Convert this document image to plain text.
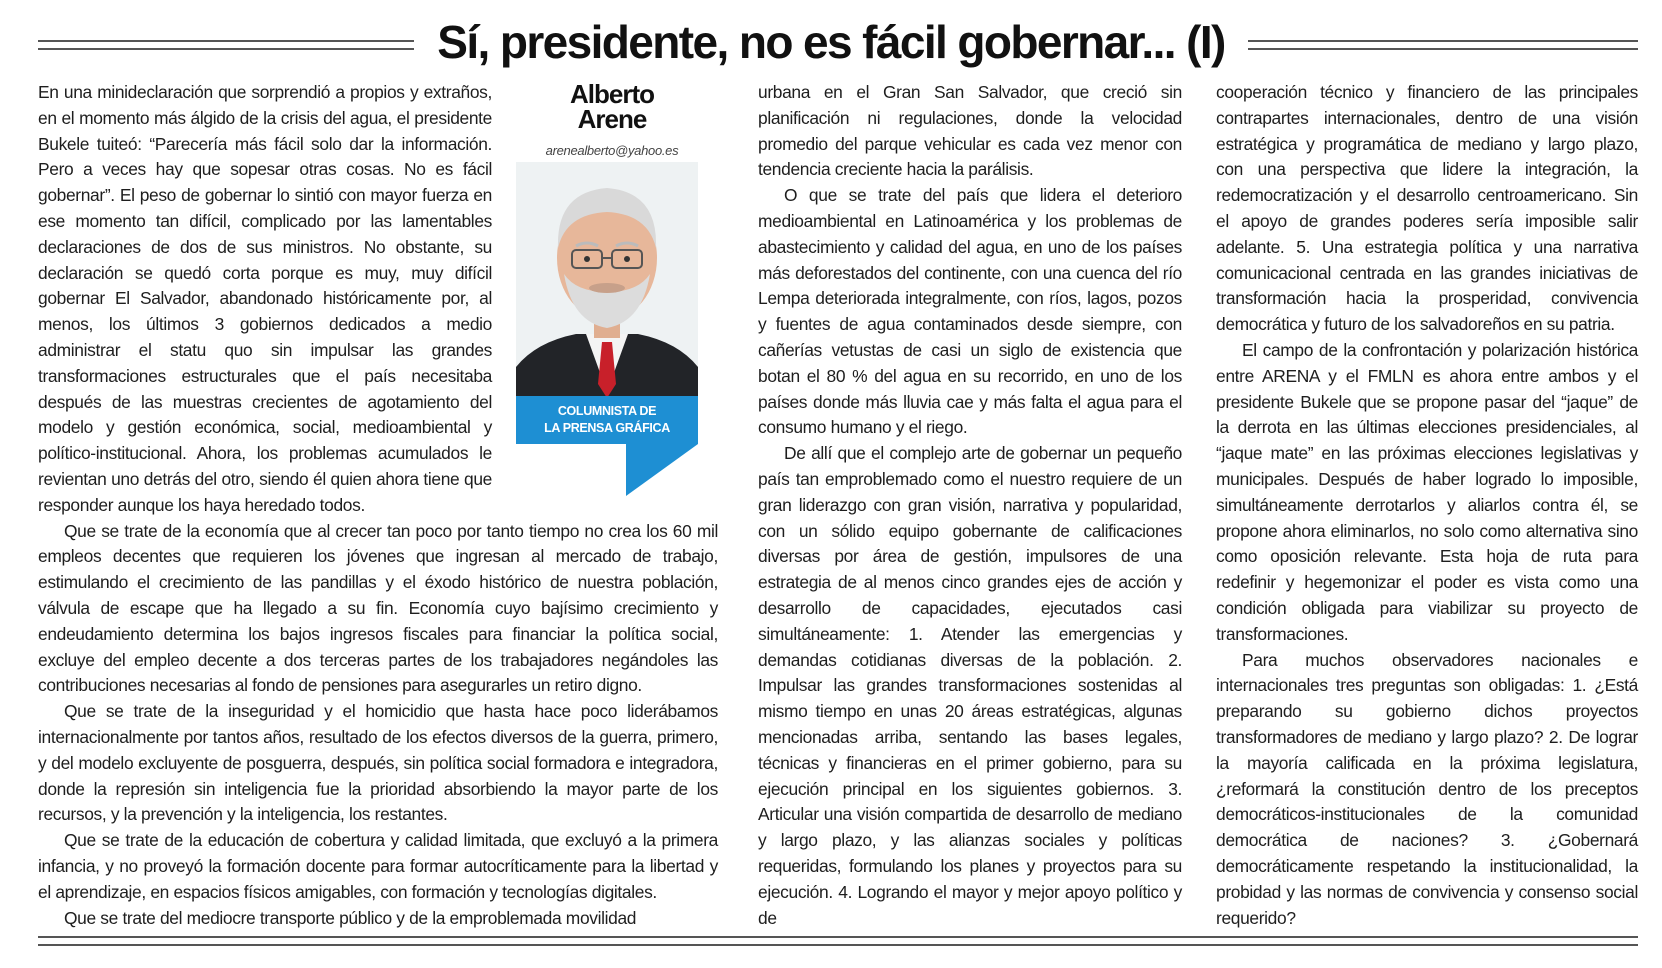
Sí, presidente, no es fácil gobernar... (I)
Alberto
Arene
arenealberto@yahoo.es
COLUMNISTA DE
LA PRENSA GRÁFICA

En una minideclaración que sorprendió a propios y extraños, en el momento más álgido de la crisis del agua, el presidente Bukele tuiteó: “Parecería más fácil solo dar la información. Pero a veces hay que sopesar otras cosas. No es fácil gobernar”. El peso de gobernar lo sintió con mayor fuerza en ese momento tan difícil, complicado por las lamentables declaraciones de dos de sus ministros. No obstante, su declaración se quedó corta porque es muy, muy difícil gobernar El Salvador, abandonado históricamente por, al menos, los últimos 3 gobiernos dedicados a medio administrar el statu quo sin impulsar las grandes transformaciones estructurales que el país necesitaba después de las muestras crecientes de agotamiento del modelo y gestión económica, social, medioambiental y político-institucional. Ahora, los problemas acumulados le revientan uno detrás del otro, siendo él quien ahora tiene que responder aunque los haya heredado todos.

Que se trate de la economía que al crecer tan poco por tanto tiempo no crea los 60 mil empleos decentes que requieren los jóvenes que ingresan al mercado de trabajo, estimulando el crecimiento de las pandillas y el éxodo histórico de nuestra población, válvula de escape que ha llegado a su fin. Economía cuyo bajísimo crecimiento y endeudamiento determina los bajos ingresos fiscales para financiar la política social, excluye del empleo decente a dos terceras partes de los trabajadores negándoles las contribuciones necesarias al fondo de pensiones para asegurarles un retiro digno.

Que se trate de la inseguridad y el homicidio que hasta hace poco liderábamos internacionalmente por tantos años, resultado de los efectos diversos de la guerra, primero, y del modelo excluyente de posguerra, después, sin política social formadora e integradora, donde la represión sin inteligencia fue la prioridad absorbiendo la mayor parte de los recursos, y la prevención y la inteligencia, los restantes.

Que se trate de la educación de cobertura y calidad limitada, que excluyó a la primera infancia, y no proveyó la formación docente para formar autocríticamente para la libertad y el aprendizaje, en espacios físicos amigables, con formación y tecnologías digitales.

Que se trate del mediocre transporte público y de la emproblemada movilidad

urbana en el Gran San Salvador, que creció sin planificación ni regulaciones, donde la velocidad promedio del parque vehicular es cada vez menor con tendencia creciente hacia la parálisis.

O que se trate del país que lidera el deterioro medioambiental en Latinoamérica y los problemas de abastecimiento y calidad del agua, en uno de los países más deforestados del continente, con una cuenca del río Lempa deteriorada integralmente, con ríos, lagos, pozos y fuentes de agua contaminados desde siempre, con cañerías vetustas de casi un siglo de existencia que botan el 80 % del agua en su recorrido, en uno de los países donde más lluvia cae y más falta el agua para el consumo humano y el riego.

De allí que el complejo arte de gobernar un pequeño país tan emproblemado como el nuestro requiere de un gran liderazgo con gran visión, narrativa y popularidad, con un sólido equipo gobernante de calificaciones diversas por área de gestión, impulsores de una estrategia de al menos cinco grandes ejes de acción y desarrollo de capacidades, ejecutados casi simultáneamente: 1. Atender las emergencias y demandas cotidianas diversas de la población. 2. Impulsar las grandes transformaciones sostenidas al mismo tiempo en unas 20 áreas estratégicas, algunas mencionadas arriba, sentando las bases legales, técnicas y financieras en el primer gobierno, para su ejecución principal en los siguientes gobiernos. 3. Articular una visión compartida de desarrollo de mediano y largo plazo, y las alianzas sociales y políticas requeridas, formulando los planes y proyectos para su ejecución. 4. Logrando el mayor y mejor apoyo político y de

cooperación técnico y financiero de las principales contrapartes internacionales, dentro de una visión estratégica y programática de mediano y largo plazo, con una perspectiva que lidere la integración, la redemocratización y el desarrollo centroamericano. Sin el apoyo de grandes poderes sería imposible salir adelante. 5. Una estrategia política y una narrativa comunicacional centrada en las grandes iniciativas de transformación hacia la prosperidad, convivencia democrática y futuro de los salvadoreños en su patria.

El campo de la confrontación y polarización histórica entre ARENA y el FMLN es ahora entre ambos y el presidente Bukele que se propone pasar del “jaque” de la derrota en las últimas elecciones presidenciales, al “jaque mate” en las próximas elecciones legislativas y municipales. Después de haber logrado lo imposible, simultáneamente derrotarlos y aliarlos contra él, se propone ahora eliminarlos, no solo como alternativa sino como oposición relevante. Esta hoja de ruta para redefinir y hegemonizar el poder es vista como una condición obligada para viabilizar su proyecto de transformaciones.

Para muchos observadores nacionales e internacionales tres preguntas son obligadas: 1. ¿Está preparando su gobierno dichos proyectos transformadores de mediano y largo plazo? 2. De lograr la mayoría calificada en la próxima legislatura, ¿reformará la constitución dentro de los preceptos democráticos-institucionales de la comunidad democrática de naciones? 3. ¿Gobernará democráticamente respetando la institucionalidad, la probidad y las normas de convivencia y consenso social requerido?
